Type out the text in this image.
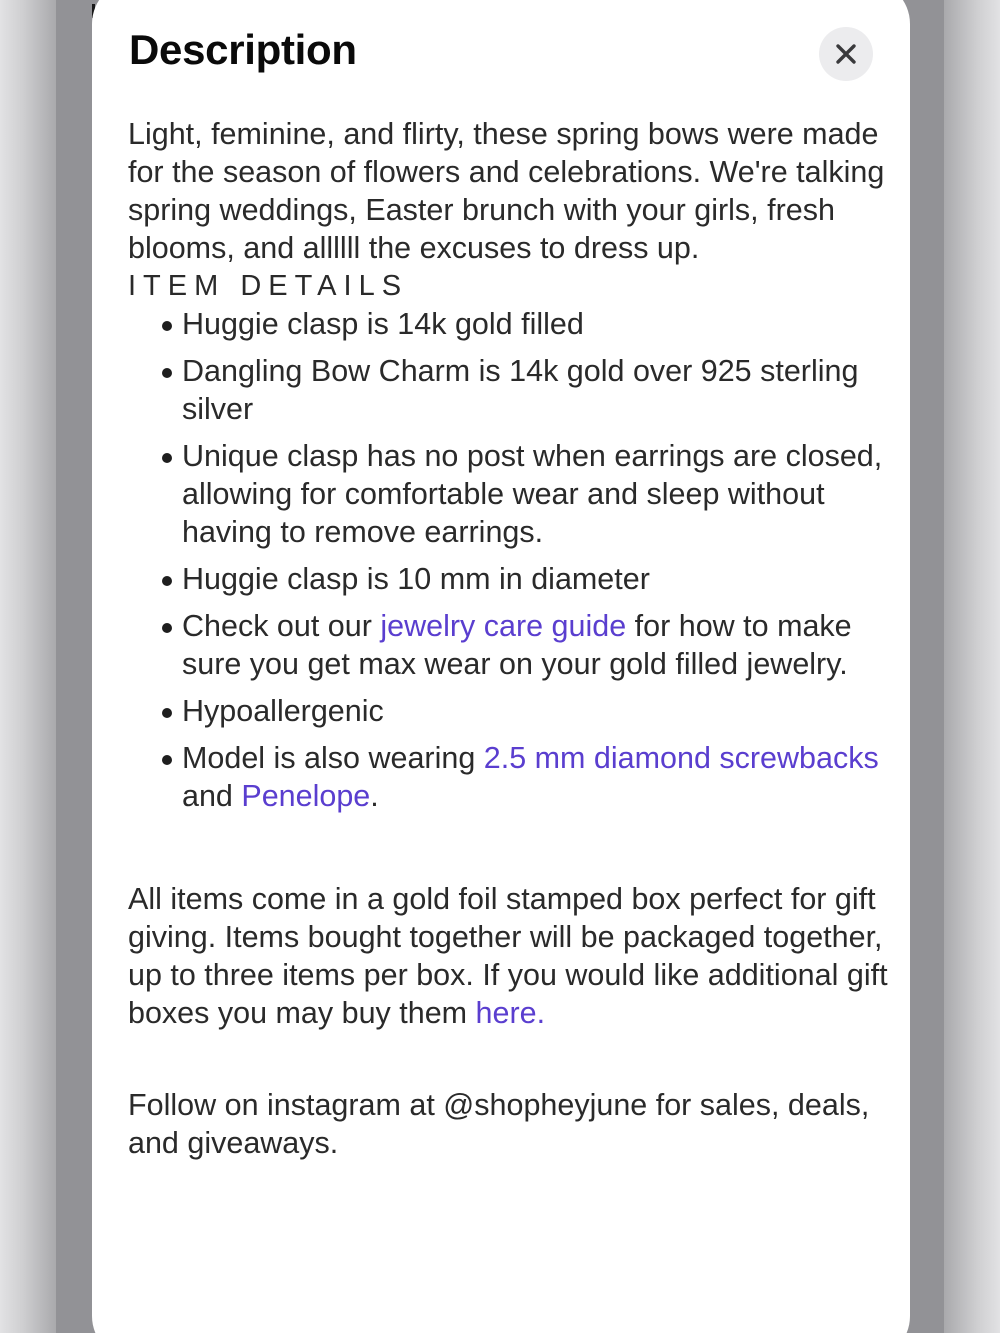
Description

Light, feminine, and flirty, these spring bows were made for the season of flowers and celebrations. We're talking spring weddings, Easter brunch with your girls, fresh blooms, and allllll the excuses to dress up.

ITEM DETAILS
Huggie clasp is 14k gold filled
Dangling Bow Charm is 14k gold over 925 sterling silver
Unique clasp has no post when earrings are closed, allowing for comfortable wear and sleep without having to remove earrings.
Huggie clasp is 10 mm in diameter
Check out our jewelry care guide for how to make sure you get max wear on your gold filled jewelry.
Hypoallergenic
Model is also wearing 2.5 mm diamond screwbacks and Penelope.

All items come in a gold foil stamped box perfect for gift giving. Items bought together will be packaged together, up to three items per box. If you would like additional gift boxes you may buy them here.

Follow on instagram at @shopheyjune for sales, deals, and giveaways.
